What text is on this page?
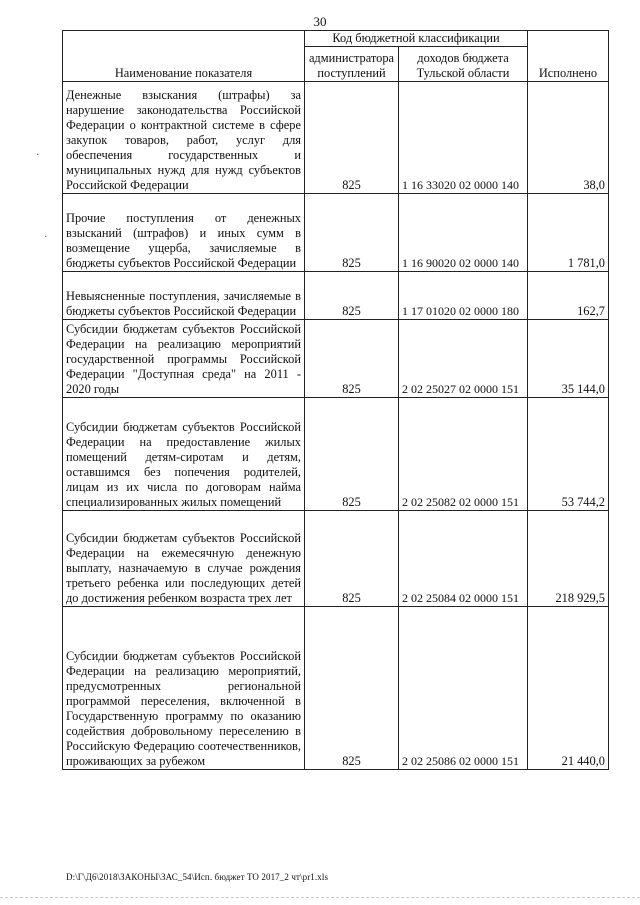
30
Наименование показателя	Код бюджетной классификации		Исполнено
	администратора поступлений	доходов бюджета Тульской области	
Денежные взыскания (штрафы) за нарушение законодательства Российской Федерации о контрактной системе в сфере закупок товаров, работ, услуг для обеспечения государственных и муниципальных нужд для нужд субъектов Российской Федерации	825	1 16 33020 02 0000 140	38,0
Прочие поступления от денежных взысканий (штрафов) и иных сумм в возмещение ущерба, зачисляемые в бюджеты субъектов Российской Федерации	825	1 16 90020 02 0000 140	1 781,0
Невыясненные поступления, зачисляемые в бюджеты субъектов Российской Федерации	825	1 17 01020 02 0000 180	162,7
Субсидии бюджетам субъектов Российской Федерации на реализацию мероприятий государственной программы Российской Федерации "Доступная среда" на 2011 - 2020 годы	825	2 02 25027 02 0000 151	35 144,0
Субсидии бюджетам субъектов Российской Федерации на предоставление жилых помещений детям-сиротам и детям, оставшимся без попечения родителей, лицам из их числа по договорам найма специализированных жилых помещений	825	2 02 25082 02 0000 151	53 744,2
Субсидии бюджетам субъектов Российской Федерации на ежемесячную денежную выплату, назначаемую в случае рождения третьего ребенка или последующих детей до достижения ребенком возраста трех лет	825	2 02 25084 02 0000 151	218 929,5
Субсидии бюджетам субъектов Российской Федерации на реализацию мероприятий, предусмотренных региональной программой переселения, включенной в Государственную программу по оказанию содействия добровольному переселению в Российскую Федерацию соотечественников, проживающих за рубежом	825	2 02 25086 02 0000 151	21 440,0
·
·
D:\Г\Д6\2018\ЗАКОНЫ\ЗАС_54\Исп. бюджет ТО 2017_2 чт\pr1.xls
